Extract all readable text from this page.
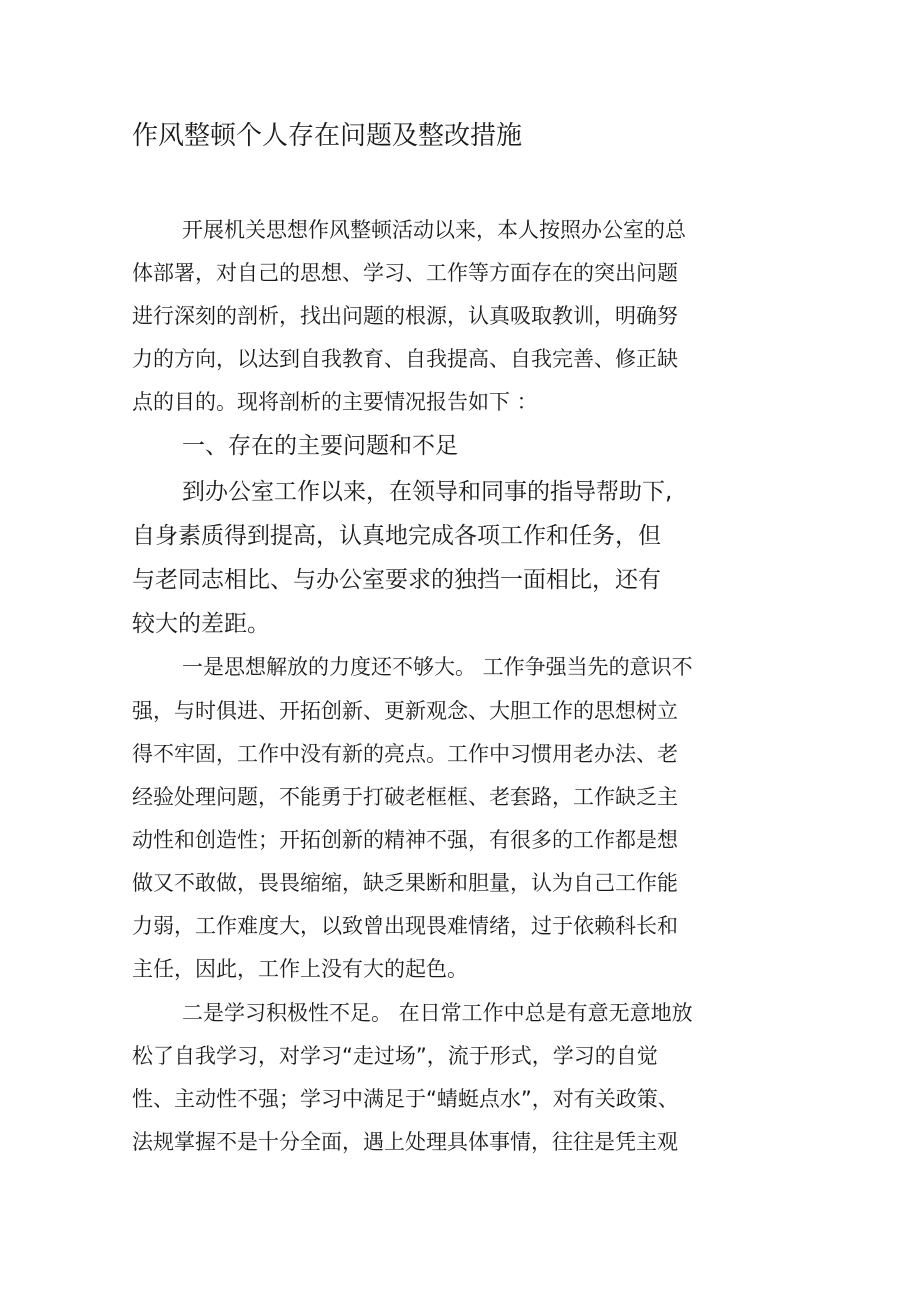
作风整顿个人存在问题及整改措施
开展机关思想作风整顿活动以来，本人按照办公室的总
体部署，对自己的思想、学习、工作等方面存在的突出问题
进行深刻的剖析，找出问题的根源，认真吸取教训，明确努
力的方向，以达到自我教育、自我提高、自我完善、修正缺
点的目的。现将剖析的主要情况报告如下 ：
一、存在的主要问题和不足
到办公室工作以来，在领导和同事的指导帮助下,
自身素质得到提高，认真地完成各项工作和任务，但
与老同志相比、与办公室要求的独挡一面相比，还有
较大的差距。
一是思想解放的力度还不够大。 工作争强当先的意识不
强，与时俱进、开拓创新、更新观念、大胆工作的思想树立
得不牢固，工作中没有新的亮点。工作中习惯用老办法、老
经验处理问题，不能勇于打破老框框、老套路，工作缺乏主
动性和创造性；开拓创新的精神不强，有很多的工作都是想
做又不敢做，畏畏缩缩，缺乏果断和胆量，认为自己工作能
力弱，工作难度大，以致曾出现畏难情绪，过于依赖科长和
主任，因此，工作上没有大的起色。
二是学习积极性不足。 在日常工作中总是有意无意地放
松了自我学习，对学习“走过场”，流于形式，学习的自觉
性、主动性不强；学习中满足于“蜻蜓点水”，对有关政策、
法规掌握不是十分全面，遇上处理具体事情，往往是凭主观
